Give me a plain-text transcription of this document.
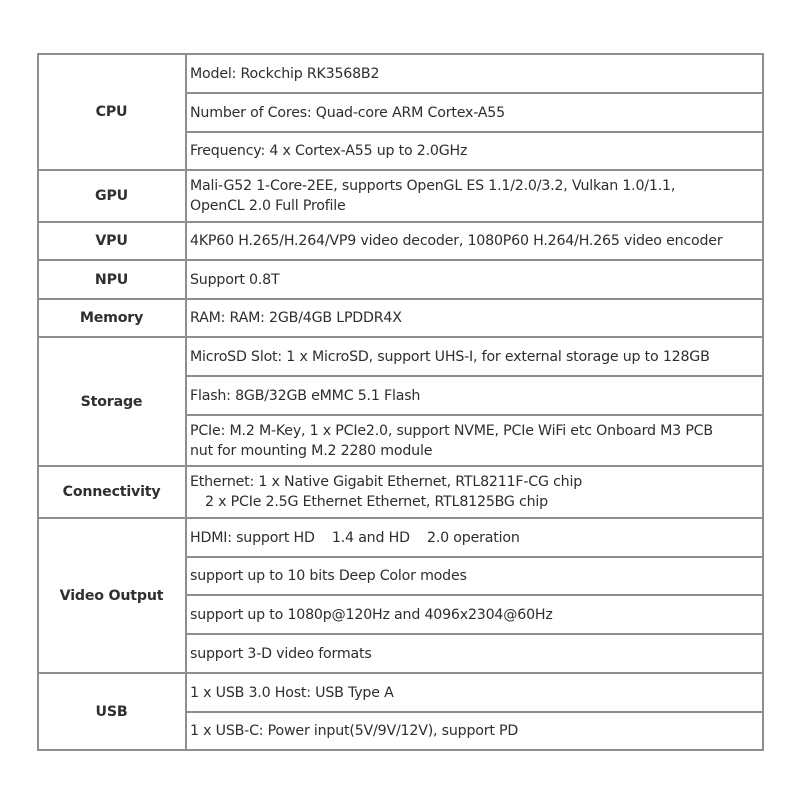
CPU	Model: Rockchip RK3568B2
	Number of Cores: Quad-core ARM Cortex-A55
	Frequency: 4 x Cortex-A55 up to 2.0GHz
GPU	Mali-G52 1-Core-2EE, supports OpenGL ES 1.1/2.0/3.2, Vulkan 1.0/1.1,
OpenCL 2.0 Full Profile
VPU	4KP60 H.265/H.264/VP9 video decoder, 1080P60 H.264/H.265 video encoder
NPU	Support 0.8T
Memory	RAM: RAM: 2GB/4GB LPDDR4X
Storage	MicroSD Slot: 1 x MicroSD, support UHS-I, for external storage up to 128GB
	Flash: 8GB/32GB eMMC 5.1 Flash
	PCIe: M.2 M-Key, 1 x PCIe2.0, support NVME, PCIe WiFi etc Onboard M3 PCB
nut for mounting M.2 2280 module
Connectivity	Ethernet: 1 x Native Gigabit Ethernet, RTL8211F-CG chip
2 x PCIe 2.5G Ethernet Ethernet, RTL8125BG chip
Video Output	HDMI: support HD    1.4 and HD    2.0 operation
	support up to 10 bits Deep Color modes
	support up to 1080p@120Hz and 4096x2304@60Hz
	support 3-D video formats
USB	1 x USB 3.0 Host: USB Type A
	1 x USB-C: Power input(5V/9V/12V), support PD
